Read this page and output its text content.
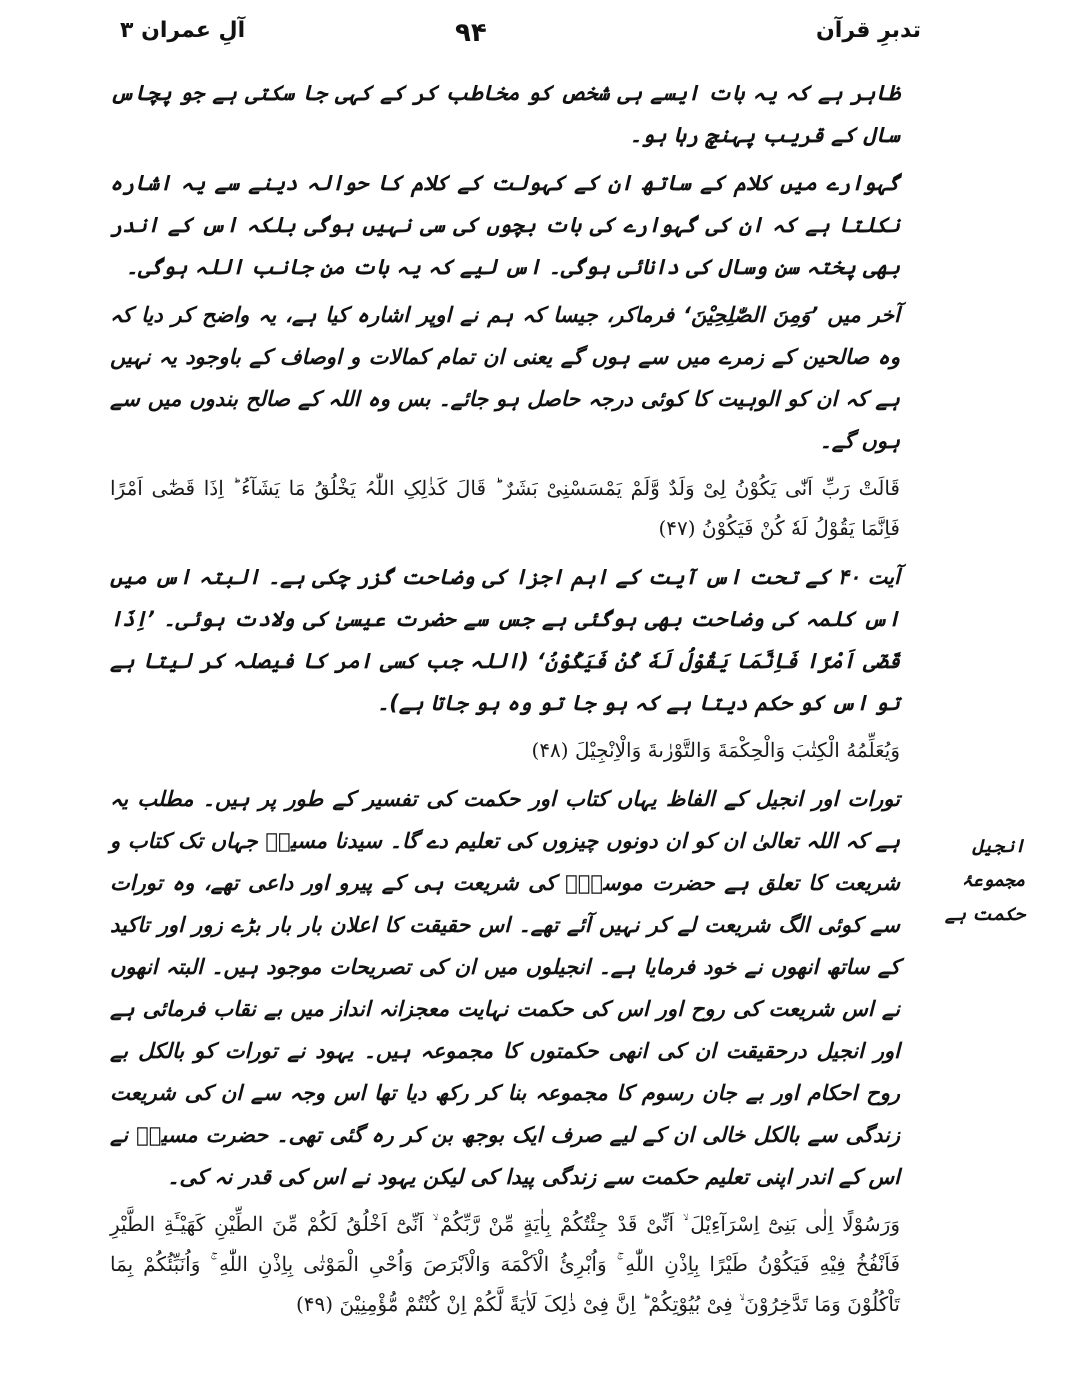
آلِ عمران ۳	۹۴	تدبرِ قرآن

ظاہر ہے کہ یہ بات ایسے ہی شخص کو مخاطب کر کے کہی جا سکتی ہے جو پچاس سال کے قریب پہنچ رہا ہو۔

گہوارے میں کلام کے ساتھ ان کے کہولت کے کلام کا حوالہ دینے سے یہ اشارہ نکلتا ہے کہ ان کی گہوارے کی بات بچوں کی سی نہیں ہوگی بلکہ اس کے اندر بھی پختہ سن وسال کی دانائی ہوگی۔ اس لیے کہ یہ بات من جانب اللہ ہوگی۔

آخر میں ’وَمِنَ الصّٰلِحِیْنَ‘ فرماکر، جیسا کہ ہم نے اوپر اشارہ کیا ہے، یہ واضح کر دیا کہ وہ صالحین کے زمرے میں سے ہوں گے یعنی ان تمام کمالات و اوصاف کے باوجود یہ نہیں ہے کہ ان کو الوہیت کا کوئی درجہ حاصل ہو جائے۔ بس وہ اللہ کے صالح بندوں میں سے ہوں گے۔

قَالَتْ رَبِّ اَنّٰی یَکُوْنُ لِیْ وَلَدٌ وَّلَمْ یَمْسَسْنِیْ بَشَرٌ ؕ قَالَ کَذٰلِکِ اللّٰہُ یَخْلُقُ مَا یَشَآءُ ؕ اِذَا قَضٰٓی اَمْرًا فَاِنَّمَا یَقُوْلُ لَهٗ کُنْ فَیَکُوْنُ (۴۷)

آیت ۴۰ کے تحت اس آیت کے اہم اجزا کی وضاحت گزر چکی ہے۔ البتہ اس میں اس کلمہ کی وضاحت بھی ہوگئی ہے جس سے حضرت عیسیٰ کی ولادت ہوئی۔ ’اِذَا قَضٰٓی اَمْرًا فَاِنَّمَا یَقُوْلُ لَهٗ کُنْ فَیَکُوْنُ‘ (اللہ جب کسی امر کا فیصلہ کر لیتا ہے تو اس کو حکم دیتا ہے کہ ہو جا تو وہ ہو جاتا ہے)۔

وَیُعَلِّمُهُ الْکِتٰبَ وَالْحِکْمَةَ وَالتَّوْرٰىةَ وَالْاِنْجِیْلَ (۴۸)

تورات اور انجیل کے الفاظ یہاں کتاب اور حکمت کی تفسیر کے طور پر ہیں۔ مطلب یہ ہے کہ اللہ تعالیٰ ان کو ان دونوں چیزوں کی تعلیم دے گا۔ سیدنا مسیحؑ جہاں تک کتاب و شریعت کا تعلق ہے حضرت موسیٰؑ کی شریعت ہی کے پیرو اور داعی تھے، وہ تورات سے کوئی الگ شریعت لے کر نہیں آئے تھے۔ اس حقیقت کا اعلان بار بار بڑے زور اور تاکید کے ساتھ انھوں نے خود فرمایا ہے۔ انجیلوں میں ان کی تصریحات موجود ہیں۔ البتہ انھوں نے اس شریعت کی روح اور اس کی حکمت نہایت معجزانہ انداز میں بے نقاب فرمائی ہے اور انجیل درحقیقت ان کی انھی حکمتوں کا مجموعہ ہیں۔ یہود نے تورات کو بالکل بے روح احکام اور بے جان رسوم کا مجموعہ بنا کر رکھ دیا تھا اس وجہ سے ان کی شریعت زندگی سے بالکل خالی ان کے لیے صرف ایک بوجھ بن کر رہ گئی تھی۔ حضرت مسیحؑ نے اس کے اندر اپنی تعلیم حکمت سے زندگی پیدا کی لیکن یہود نے اس کی قدر نہ کی۔

وَرَسُوْلًا اِلٰی بَنِیْٓ اِسْرَآءِیْلَ ۙ اَنِّیْ قَدْ جِئْتُکُمْ بِاٰیَةٍ مِّنْ رَّبِّکُمْ ۙ اَنِّیْٓ اَخْلُقُ لَکُمْ مِّنَ الطِّیْنِ کَهَیْـَٔةِ الطَّیْرِ فَاَنْفُخُ فِیْهِ فَیَکُوْنُ طَیْرًا بِاِذْنِ اللّٰهِ ۚ وَاُبْرِئُ الْاَکْمَهَ وَالْاَبْرَصَ وَاُحْیِ الْمَوْتٰی بِاِذْنِ اللّٰهِ ۚ وَاُنَبِّئُکُمْ بِمَا تَاْکُلُوْنَ وَمَا تَدَّخِرُوْنَ ۙ فِیْ بُیُوْتِکُمْ ؕ اِنَّ فِیْ ذٰلِکَ لَاٰیَةً لَّکُمْ اِنْ کُنْتُمْ مُّؤْمِنِیْنَ (۴۹)

انجیل مجموعۂ حکمت ہے
